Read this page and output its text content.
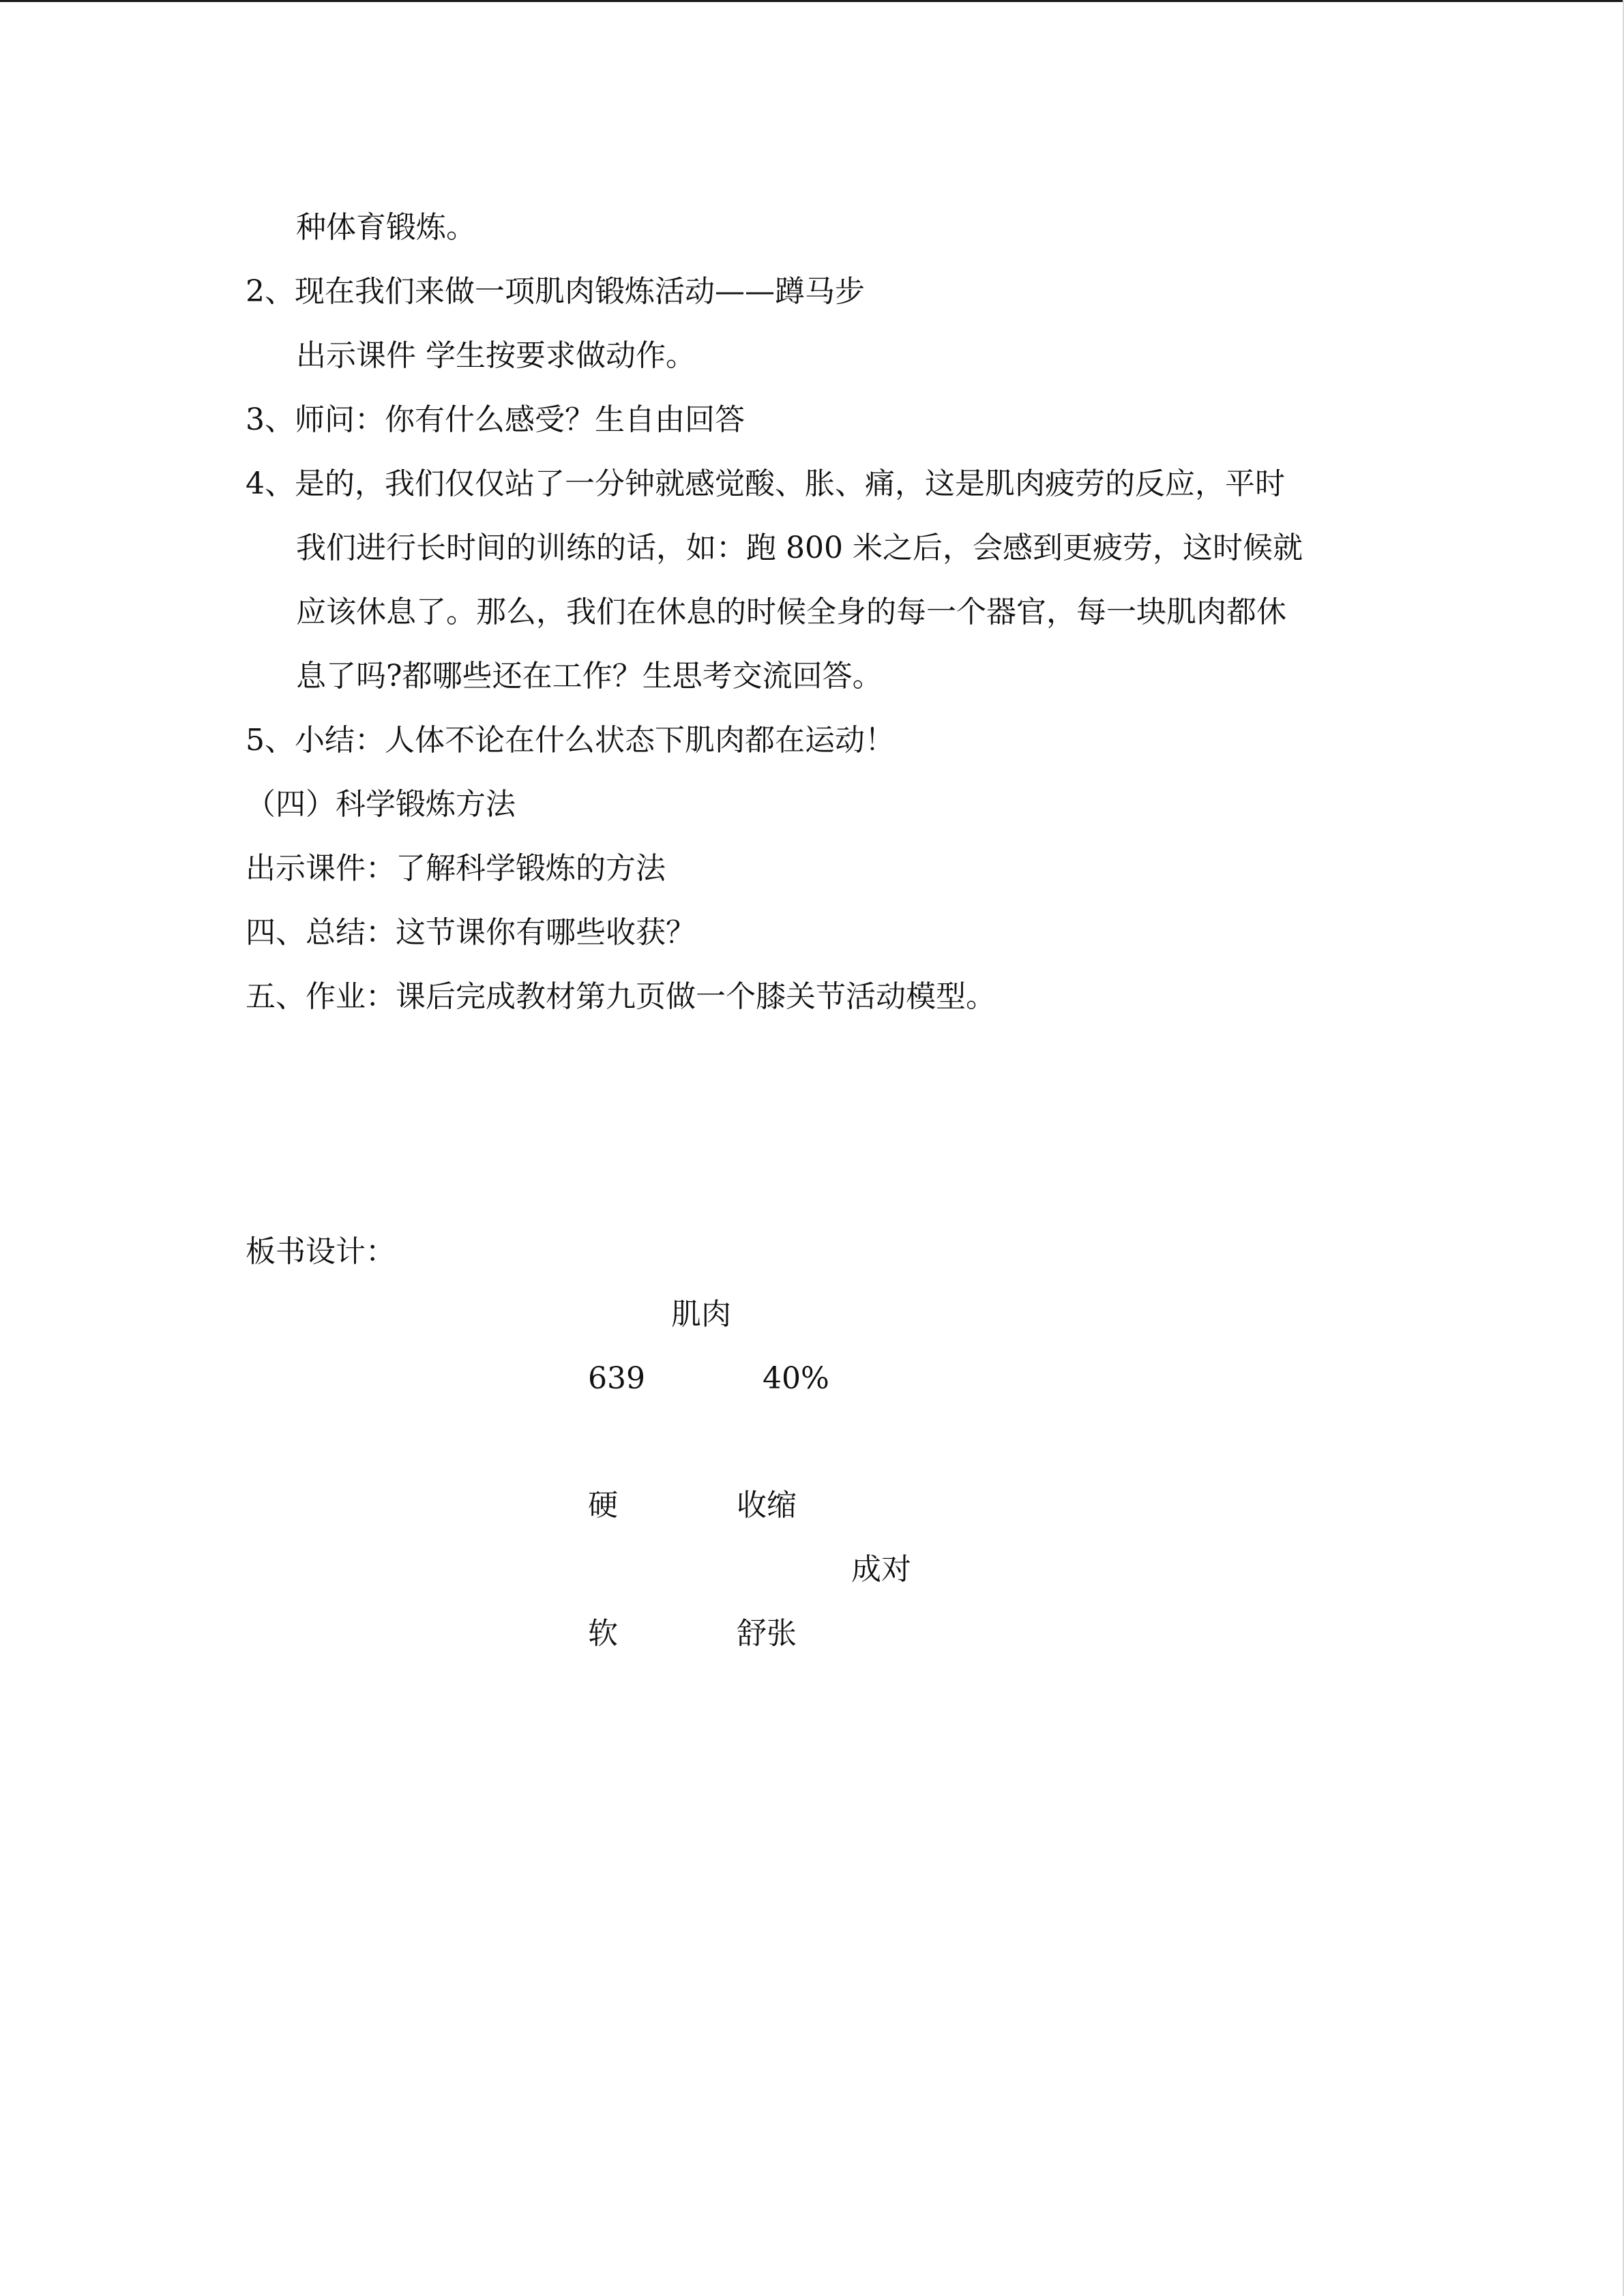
种体育锻炼。
2、现在我们来做一项肌肉锻炼活动——蹲马步
出示课件 学生按要求做动作。
3、师问：你有什么感受？生自由回答
4、是的，我们仅仅站了一分钟就感觉酸、胀、痛，这是肌肉疲劳的反应，平时
我们进行长时间的训练的话，如：跑 800 米之后，会感到更疲劳，这时候就
应该休息了。那么，我们在休息的时候全身的每一个器官，每一块肌肉都休
息了吗?都哪些还在工作？生思考交流回答。
5、小结：人体不论在什么状态下肌肉都在运动！
（四）科学锻炼方法
出示课件：了解科学锻炼的方法
四、总结：这节课你有哪些收获？
五、作业：课后完成教材第九页做一个膝关节活动模型。
板书设计：
肌肉
639	40%
硬	收缩
成对
软	舒张
